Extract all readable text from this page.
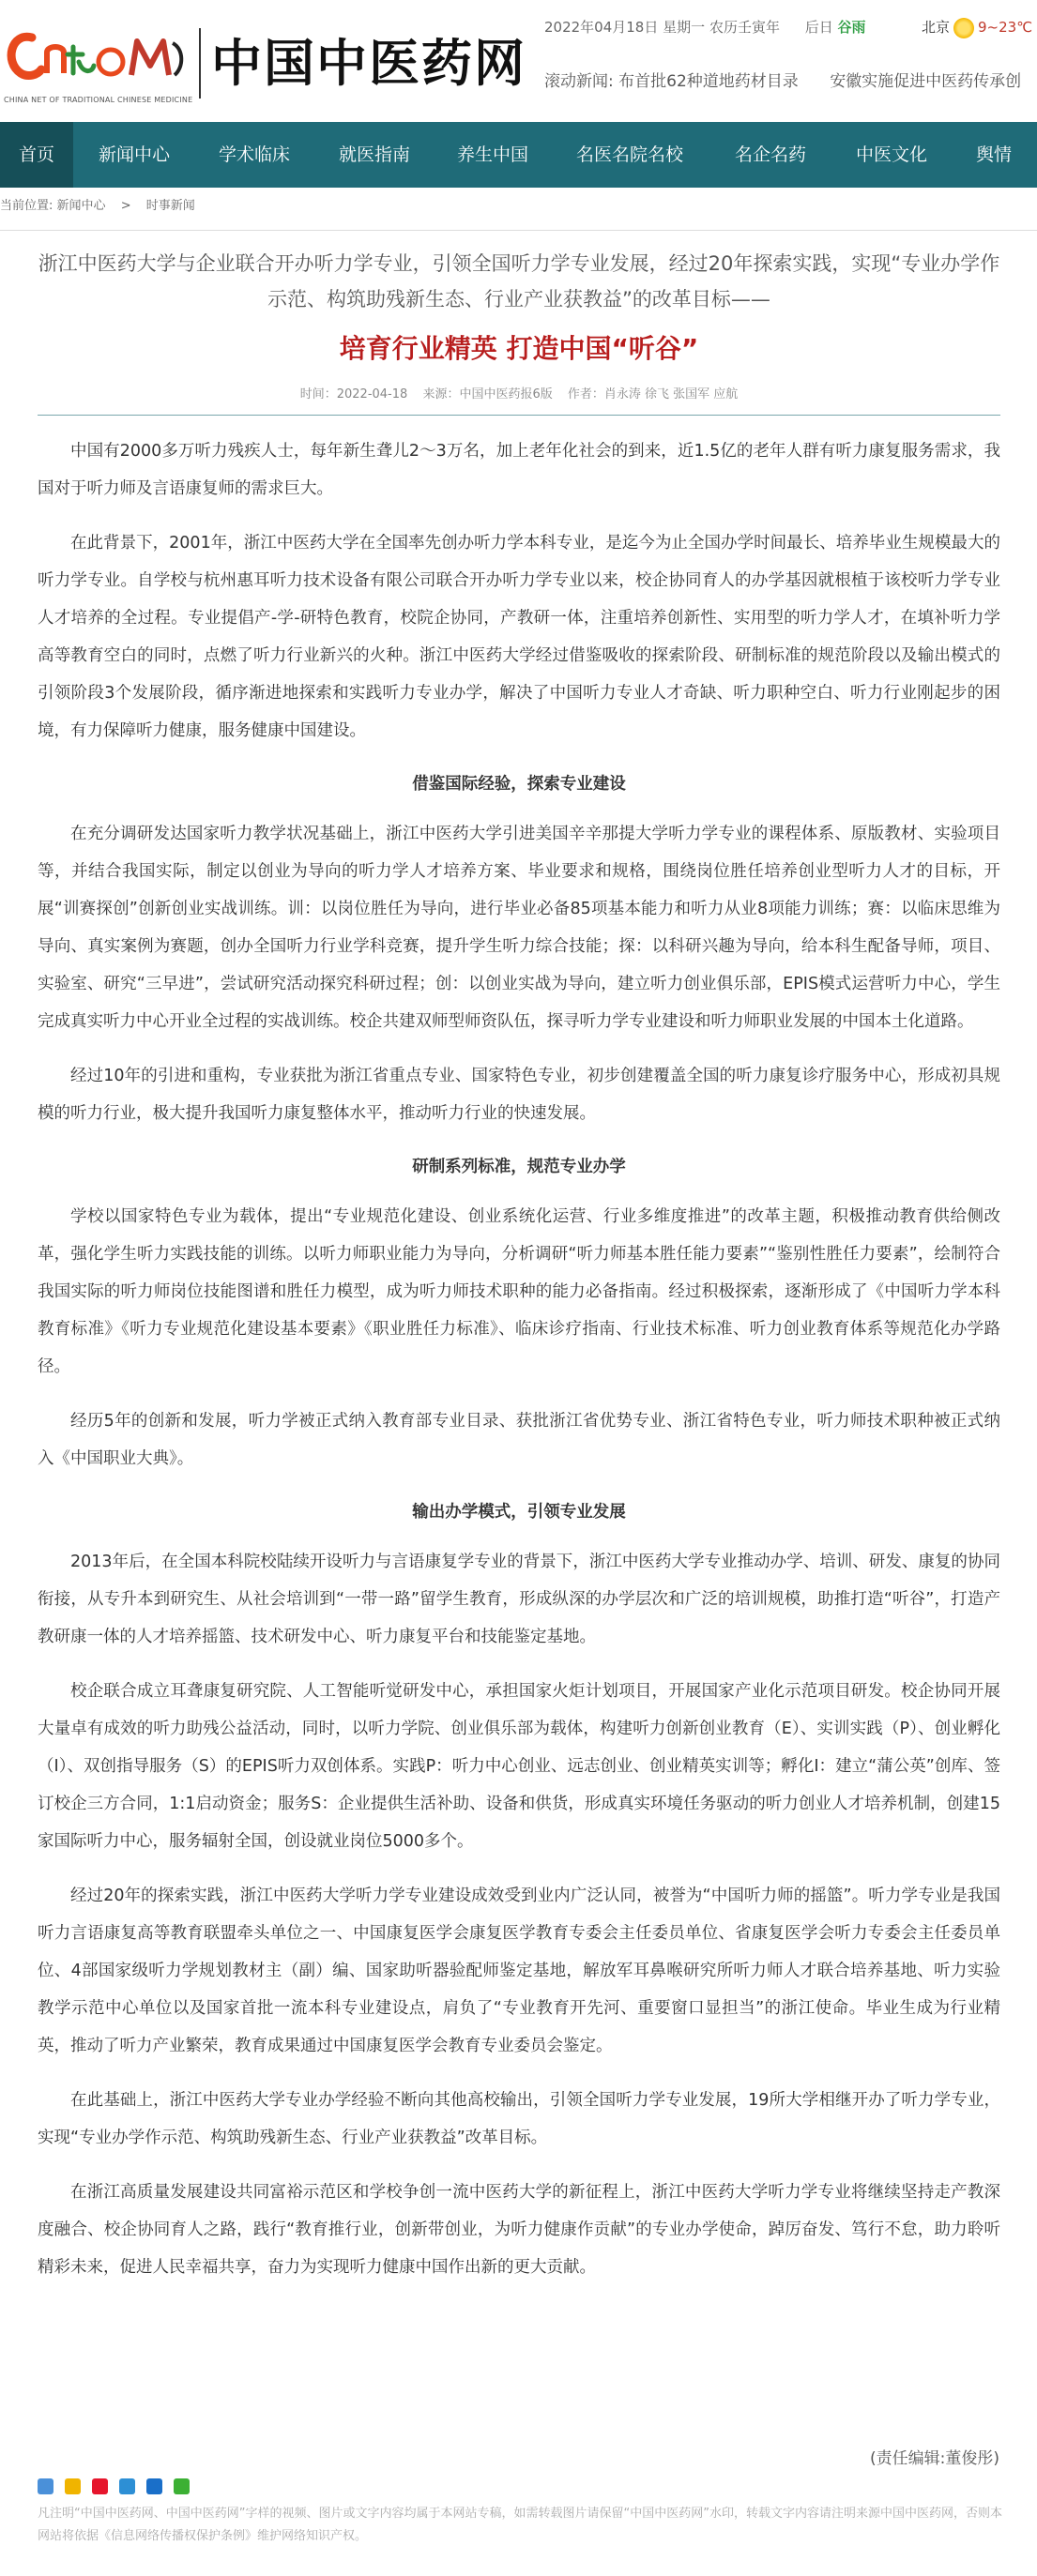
CHINA NET OF TRADITIONAL CHINESE MEDICINE
中国中医药网
2022年04月18日 星期一 农历壬寅年 后日 谷雨	北京 9~23℃
滚动新闻: 布首批62种道地药材目录 安徽实施促进中医药传承创
首页	新闻中心	学术临床	就医指南	养生中国	名医名院名校	名企名药	中医文化	舆情
当前位置: 新闻中心 > 时事新闻

浙江中医药大学与企业联合开办听力学专业，引领全国听力学专业发展，经过20年探索实践，实现“专业办学作示范、构筑助残新生态、行业产业获教益”的改革目标——

培育行业精英 打造中国“听谷”
时间：2022-04-18 来源：中国中医药报6版 作者：肖永涛 徐飞 张国军 应航

中国有2000多万听力残疾人士，每年新生聋儿2～3万名，加上老年化社会的到来，近1.5亿的老年人群有听力康复服务需求，我国对于听力师及言语康复师的需求巨大。

在此背景下，2001年，浙江中医药大学在全国率先创办听力学本科专业，是迄今为止全国办学时间最长、培养毕业生规模最大的听力学专业。自学校与杭州惠耳听力技术设备有限公司联合开办听力学专业以来，校企协同育人的办学基因就根植于该校听力学专业人才培养的全过程。专业提倡产-学-研特色教育，校院企协同，产教研一体，注重培养创新性、实用型的听力学人才，在填补听力学高等教育空白的同时，点燃了听力行业新兴的火种。浙江中医药大学经过借鉴吸收的探索阶段、研制标准的规范阶段以及输出模式的引领阶段3个发展阶段，循序渐进地探索和实践听力专业办学，解决了中国听力专业人才奇缺、听力职种空白、听力行业刚起步的困境，有力保障听力健康，服务健康中国建设。

借鉴国际经验，探索专业建设

在充分调研发达国家听力教学状况基础上，浙江中医药大学引进美国辛辛那提大学听力学专业的课程体系、原版教材、实验项目等，并结合我国实际，制定以创业为导向的听力学人才培养方案、毕业要求和规格，围绕岗位胜任培养创业型听力人才的目标，开展“训赛探创”创新创业实战训练。训：以岗位胜任为导向，进行毕业必备85项基本能力和听力从业8项能力训练；赛：以临床思维为导向、真实案例为赛题，创办全国听力行业学科竞赛，提升学生听力综合技能；探：以科研兴趣为导向，给本科生配备导师，项目、实验室、研究“三早进”，尝试研究活动探究科研过程；创：以创业实战为导向，建立听力创业俱乐部，EPIS模式运营听力中心，学生完成真实听力中心开业全过程的实战训练。校企共建双师型师资队伍，探寻听力学专业建设和听力师职业发展的中国本土化道路。

经过10年的引进和重构，专业获批为浙江省重点专业、国家特色专业，初步创建覆盖全国的听力康复诊疗服务中心，形成初具规模的听力行业，极大提升我国听力康复整体水平，推动听力行业的快速发展。

研制系列标准，规范专业办学

学校以国家特色专业为载体，提出“专业规范化建设、创业系统化运营、行业多维度推进”的改革主题，积极推动教育供给侧改革，强化学生听力实践技能的训练。以听力师职业能力为导向，分析调研“听力师基本胜任能力要素”“鉴别性胜任力要素”，绘制符合我国实际的听力师岗位技能图谱和胜任力模型，成为听力师技术职种的能力必备指南。经过积极探索，逐渐形成了《中国听力学本科教育标准》《听力专业规范化建设基本要素》《职业胜任力标准》、临床诊疗指南、行业技术标准、听力创业教育体系等规范化办学路径。

经历5年的创新和发展，听力学被正式纳入教育部专业目录、获批浙江省优势专业、浙江省特色专业，听力师技术职种被正式纳入《中国职业大典》。

输出办学模式，引领专业发展

2013年后，在全国本科院校陆续开设听力与言语康复学专业的背景下，浙江中医药大学专业推动办学、培训、研发、康复的协同衔接，从专升本到研究生、从社会培训到“一带一路”留学生教育，形成纵深的办学层次和广泛的培训规模，助推打造“听谷”，打造产教研康一体的人才培养摇篮、技术研发中心、听力康复平台和技能鉴定基地。

校企联合成立耳聋康复研究院、人工智能听觉研发中心，承担国家火炬计划项目，开展国家产业化示范项目研发。校企协同开展大量卓有成效的听力助残公益活动，同时，以听力学院、创业俱乐部为载体，构建听力创新创业教育（E）、实训实践（P）、创业孵化（I）、双创指导服务（S）的EPIS听力双创体系。实践P：听力中心创业、远志创业、创业精英实训等；孵化I：建立“蒲公英”创库、签订校企三方合同，1:1启动资金；服务S：企业提供生活补助、设备和供货，形成真实环境任务驱动的听力创业人才培养机制，创建15家国际听力中心，服务辐射全国，创设就业岗位5000多个。

经过20年的探索实践，浙江中医药大学听力学专业建设成效受到业内广泛认同，被誉为“中国听力师的摇篮”。听力学专业是我国听力言语康复高等教育联盟牵头单位之一、中国康复医学会康复医学教育专委会主任委员单位、省康复医学会听力专委会主任委员单位、4部国家级听力学规划教材主（副）编、国家助听器验配师鉴定基地，解放军耳鼻喉研究所听力师人才联合培养基地、听力实验教学示范中心单位以及国家首批一流本科专业建设点，肩负了“专业教育开先河、重要窗口显担当”的浙江使命。毕业生成为行业精英，推动了听力产业繁荣，教育成果通过中国康复医学会教育专业委员会鉴定。

在此基础上，浙江中医药大学专业办学经验不断向其他高校输出，引领全国听力学专业发展，19所大学相继开办了听力学专业，实现“专业办学作示范、构筑助残新生态、行业产业获教益”改革目标。

在浙江高质量发展建设共同富裕示范区和学校争创一流中医药大学的新征程上，浙江中医药大学听力学专业将继续坚持走产教深度融合、校企协同育人之路，践行“教育推行业，创新带创业，为听力健康作贡献”的专业办学使命，踔厉奋发、笃行不怠，助力聆听精彩未来，促进人民幸福共享，奋力为实现听力健康中国作出新的更大贡献。

(责任编辑:董俊彤)

凡注明“中国中医药网、中国中医药网”字样的视频、图片或文字内容均属于本网站专稿，如需转载图片请保留“中国中医药网”水印，转载文字内容请注明来源中国中医药网，否则本网站将依据《信息网络传播权保护条例》维护网络知识产权。
